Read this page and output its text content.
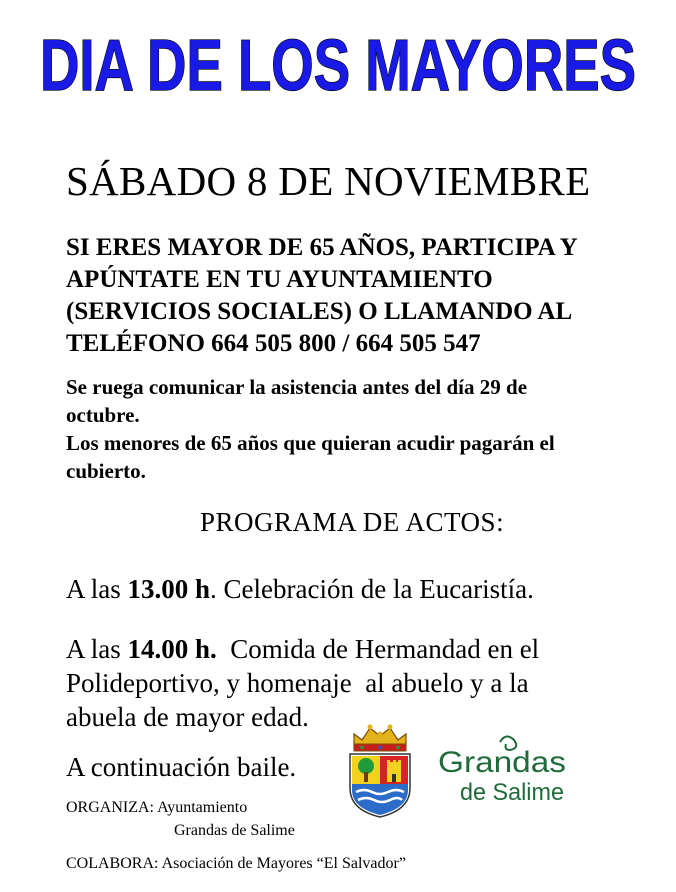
DIA DE LOS MAYORES
SÁBADO 8 DE NOVIEMBRE
SI ERES MAYOR DE 65 AÑOS, PARTICIPA Y
APÚNTATE EN TU AYUNTAMIENTO
(SERVICIOS SOCIALES) O LLAMANDO AL
TELÉFONO 664 505 800 / 664 505 547
Se ruega comunicar la asistencia antes del día 29 de
octubre.
Los menores de 65 años que quieran acudir pagarán el
cubierto.
PROGRAMA DE ACTOS:
A las 13.00 h. Celebración de la Eucaristía.
A las 14.00 h.  Comida de Hermandad en el
Polideportivo, y homenaje  al abuelo y a la
abuela de mayor edad.
A continuación baile.
ORGANIZA: Ayuntamiento
Grandas de Salime
COLABORA: Asociación de Mayores “El Salvador”
Grandas
de Salime
